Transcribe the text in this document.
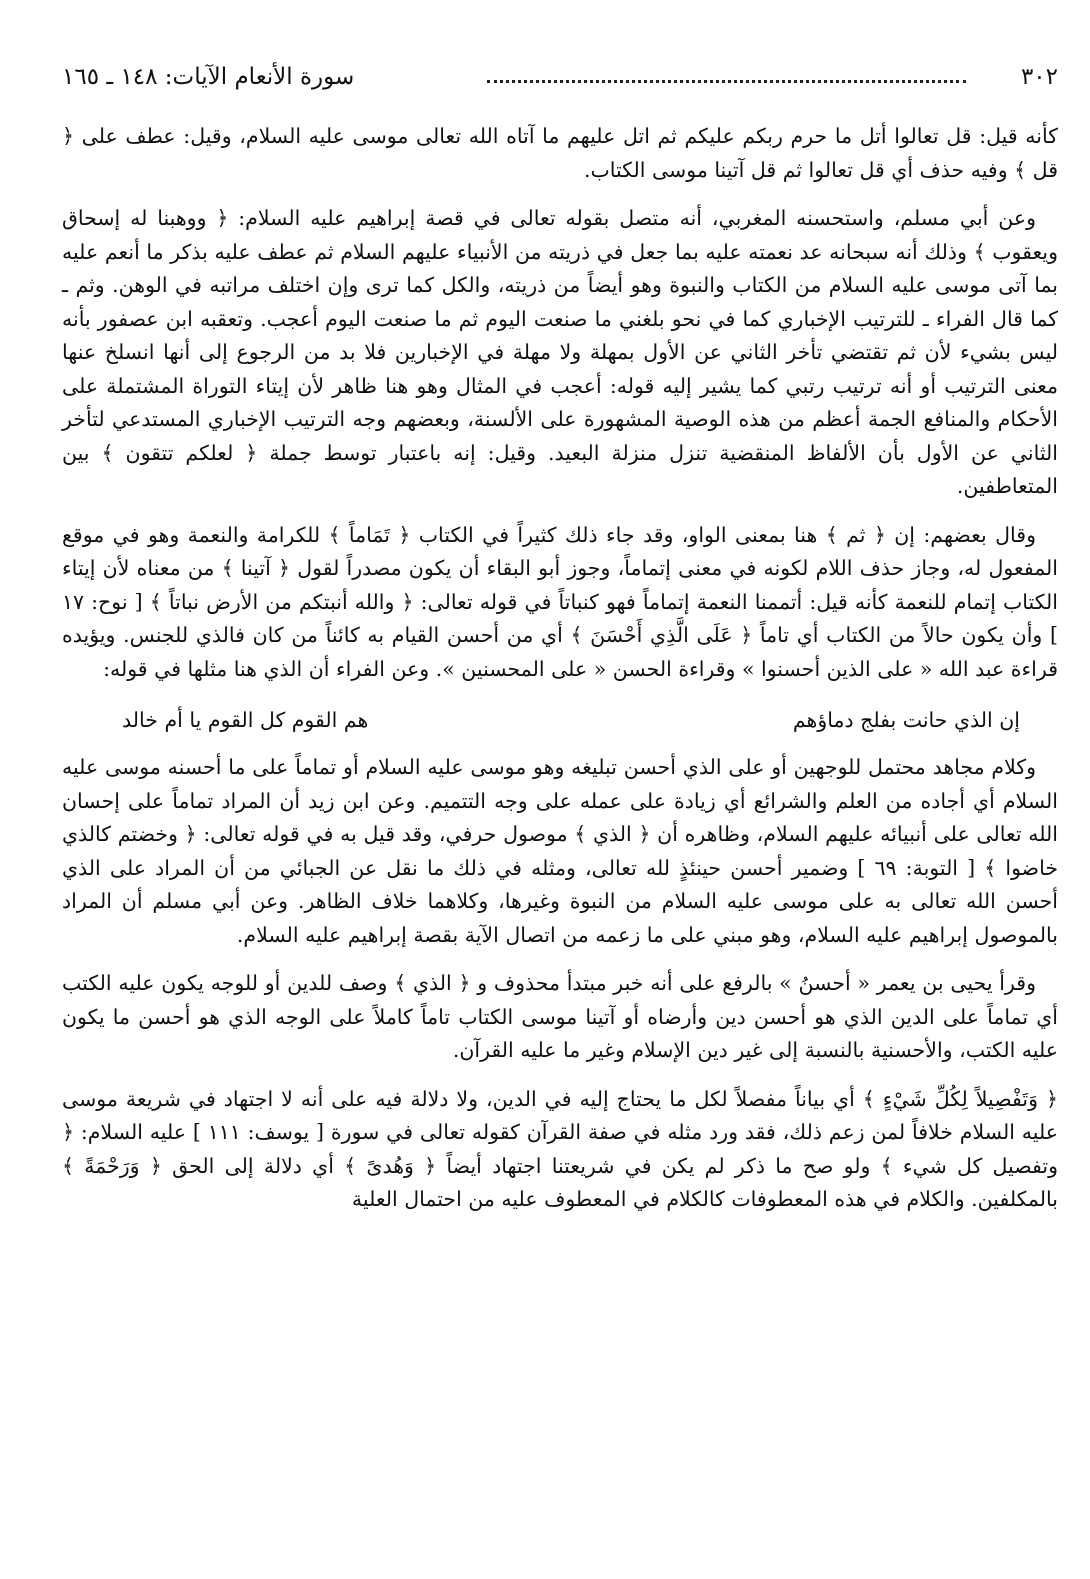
٣٠٢
سورة الأنعام الآيات: ١٤٨ ـ ١٦٥

كأنه قيل: قل تعالوا أتل ما حرم ربكم عليكم ثم اتل عليهم ما آتاه الله تعالى موسى عليه السلام، وقيل: عطف على ﴿ قل ﴾ وفيه حذف أي قل تعالوا ثم قل آتينا موسى الكتاب.

وعن أبي مسلم، واستحسنه المغربي، أنه متصل بقوله تعالى في قصة إبراهيم عليه السلام: ﴿ ووهبنا له إسحاق ويعقوب ﴾ وذلك أنه سبحانه عد نعمته عليه بما جعل في ذريته من الأنبياء عليهم السلام ثم عطف عليه بذكر ما أنعم عليه بما آتى موسى عليه السلام من الكتاب والنبوة وهو أيضاً من ذريته، والكل كما ترى وإن اختلف مراتبه في الوهن. وثم ـ كما قال الفراء ـ للترتيب الإخباري كما في نحو بلغني ما صنعت اليوم ثم ما صنعت اليوم أعجب. وتعقبه ابن عصفور بأنه ليس بشيء لأن ثم تقتضي تأخر الثاني عن الأول بمهلة ولا مهلة في الإخبارين فلا بد من الرجوع إلى أنها انسلخ عنها معنى الترتيب أو أنه ترتيب رتبي كما يشير إليه قوله: أعجب في المثال وهو هنا ظاهر لأن إيتاء التوراة المشتملة على الأحكام والمنافع الجمة أعظم من هذه الوصية المشهورة على الألسنة، وبعضهم وجه الترتيب الإخباري المستدعي لتأخر الثاني عن الأول بأن الألفاظ المنقضية تنزل منزلة البعيد. وقيل: إنه باعتبار توسط جملة ﴿ لعلكم تتقون ﴾ بين المتعاطفين.

وقال بعضهم: إن ﴿ ثم ﴾ هنا بمعنى الواو، وقد جاء ذلك كثيراً في الكتاب ﴿ تَمَاماً ﴾ للكرامة والنعمة وهو في موقع المفعول له، وجاز حذف اللام لكونه في معنى إتماماً، وجوز أبو البقاء أن يكون مصدراً لقول ﴿ آتينا ﴾ من معناه لأن إيتاء الكتاب إتمام للنعمة كأنه قيل: أتممنا النعمة إتماماً فهو كنباتاً في قوله تعالى: ﴿ والله أنبتكم من الأرض نباتاً ﴾ [ نوح: ١٧ ] وأن يكون حالاً من الكتاب أي تاماً ﴿ عَلَى الَّذِي أَحْسَنَ ﴾ أي من أحسن القيام به كائناً من كان فالذي للجنس. ويؤيده قراءة عبد الله « على الذين أحسنوا » وقراءة الحسن « على المحسنين ». وعن الفراء أن الذي هنا مثلها في قوله:

إن الذي حانت بفلج دماؤهم
هم القوم كل القوم يا أم خالد

وكلام مجاهد محتمل للوجهين أو على الذي أحسن تبليغه وهو موسى عليه السلام أو تماماً على ما أحسنه موسى عليه السلام أي أجاده من العلم والشرائع أي زيادة على عمله على وجه التتميم. وعن ابن زيد أن المراد تماماً على إحسان الله تعالى على أنبيائه عليهم السلام، وظاهره أن ﴿ الذي ﴾ موصول حرفي، وقد قيل به في قوله تعالى: ﴿ وخضتم كالذي خاضوا ﴾ [ التوبة: ٦٩ ] وضمير أحسن حينئذٍ لله تعالى، ومثله في ذلك ما نقل عن الجبائي من أن المراد على الذي أحسن الله تعالى به على موسى عليه السلام من النبوة وغيرها، وكلاهما خلاف الظاهر. وعن أبي مسلم أن المراد بالموصول إبراهيم عليه السلام، وهو مبني على ما زعمه من اتصال الآية بقصة إبراهيم عليه السلام.

وقرأ يحيى بن يعمر « أحسنُ » بالرفع على أنه خبر مبتدأ محذوف و ﴿ الذي ﴾ وصف للدين أو للوجه يكون عليه الكتب أي تماماً على الدين الذي هو أحسن دين وأرضاه أو آتينا موسى الكتاب تاماً كاملاً على الوجه الذي هو أحسن ما يكون عليه الكتب، والأحسنية بالنسبة إلى غير دين الإسلام وغير ما عليه القرآن.

﴿ وَتَفْصِيلاً لِكُلِّ شَيْءٍ ﴾ أي بياناً مفصلاً لكل ما يحتاج إليه في الدين، ولا دلالة فيه على أنه لا اجتهاد في شريعة موسى عليه السلام خلافاً لمن زعم ذلك، فقد ورد مثله في صفة القرآن كقوله تعالى في سورة [ يوسف: ١١١ ] عليه السلام: ﴿ وتفصيل كل شيء ﴾ ولو صح ما ذكر لم يكن في شريعتنا اجتهاد أيضاً ﴿ وَهُدىً ﴾ أي دلالة إلى الحق ﴿ وَرَحْمَةً ﴾ بالمكلفين. والكلام في هذه المعطوفات كالكلام في المعطوف عليه من احتمال العلية
